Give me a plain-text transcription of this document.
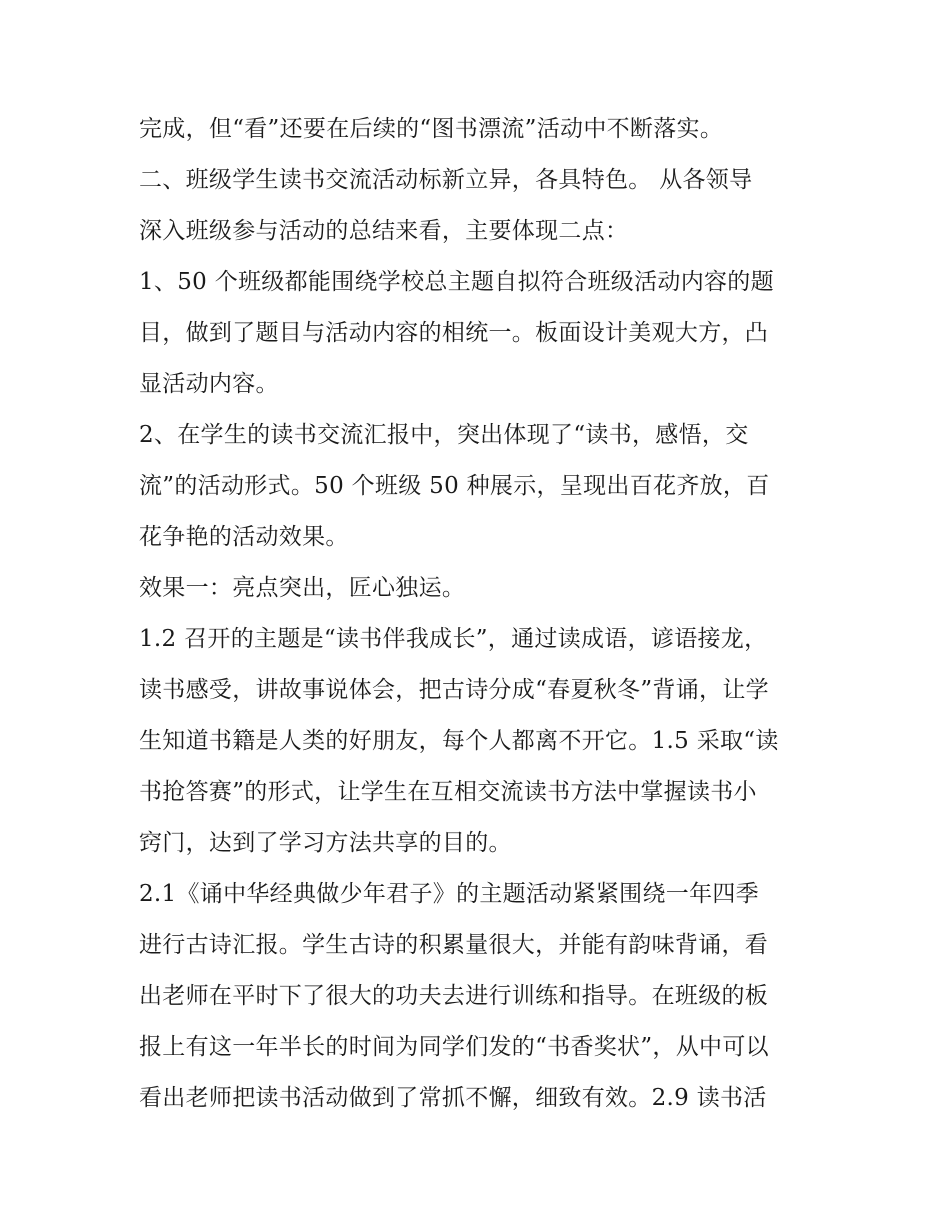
完成，但“看”还要在后续的“图书漂流”活动中不断落实。
二、班级学生读书交流活动标新立异，各具特色。 从各领导
深入班级参与活动的总结来看，主要体现二点：
1、50 个班级都能围绕学校总主题自拟符合班级活动内容的题
目，做到了题目与活动内容的相统一。板面设计美观大方，凸
显活动内容。
2、在学生的读书交流汇报中，突出体现了“读书，感悟，交
流”的活动形式。50 个班级 50 种展示，呈现出百花齐放，百
花争艳的活动效果。
效果一：亮点突出，匠心独运。
1.2 召开的主题是“读书伴我成长”，通过读成语，谚语接龙，
读书感受，讲故事说体会，把古诗分成“春夏秋冬”背诵，让学
生知道书籍是人类的好朋友，每个人都离不开它。1.5 采取“读
书抢答赛”的形式，让学生在互相交流读书方法中掌握读书小
窍门，达到了学习方法共享的目的。
2.1《诵中华经典做少年君子》的主题活动紧紧围绕一年四季
进行古诗汇报。学生古诗的积累量很大，并能有韵味背诵，看
出老师在平时下了很大的功夫去进行训练和指导。在班级的板
报上有这一年半长的时间为同学们发的“书香奖状”，从中可以
看出老师把读书活动做到了常抓不懈，细致有效。2.9 读书活
